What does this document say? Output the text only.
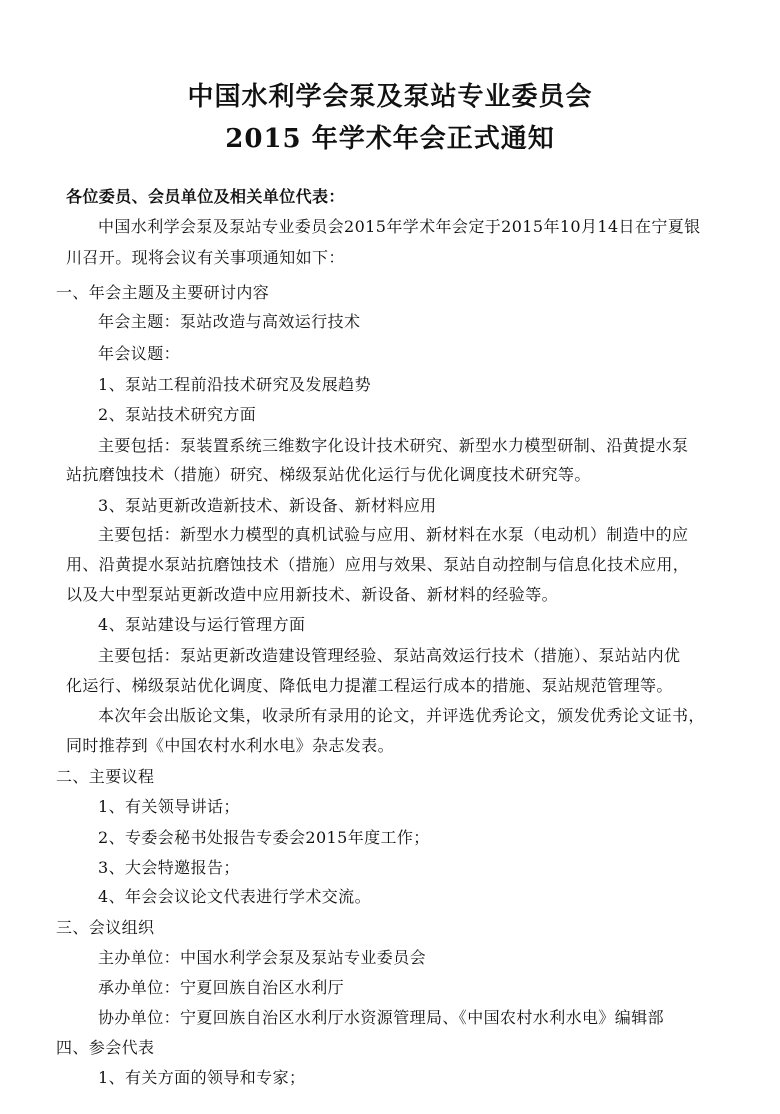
中国水利学会泵及泵站专业委员会
2015 年学术年会正式通知
各位委员、会员单位及相关单位代表：
中国水利学会泵及泵站专业委员会2015年学术年会定于2015年10月14日在宁夏银
川召开。现将会议有关事项通知如下：
一、年会主题及主要研讨内容
年会主题：泵站改造与高效运行技术
年会议题：
1、泵站工程前沿技术研究及发展趋势
2、泵站技术研究方面
主要包括：泵装置系统三维数字化设计技术研究、新型水力模型研制、沿黄提水泵
站抗磨蚀技术（措施）研究、梯级泵站优化运行与优化调度技术研究等。
3、泵站更新改造新技术、新设备、新材料应用
主要包括：新型水力模型的真机试验与应用、新材料在水泵（电动机）制造中的应
用、沿黄提水泵站抗磨蚀技术（措施）应用与效果、泵站自动控制与信息化技术应用，
以及大中型泵站更新改造中应用新技术、新设备、新材料的经验等。
4、泵站建设与运行管理方面
主要包括：泵站更新改造建设管理经验、泵站高效运行技术（措施）、泵站站内优
化运行、梯级泵站优化调度、降低电力提灌工程运行成本的措施、泵站规范管理等。
本次年会出版论文集，收录所有录用的论文，并评选优秀论文，颁发优秀论文证书，
同时推荐到《中国农村水利水电》杂志发表。
二、主要议程
1、有关领导讲话；
2、专委会秘书处报告专委会2015年度工作；
3、大会特邀报告；
4、年会会议论文代表进行学术交流。
三、会议组织
主办单位：中国水利学会泵及泵站专业委员会
承办单位：宁夏回族自治区水利厅
协办单位：宁夏回族自治区水利厅水资源管理局、《中国农村水利水电》编辑部
四、参会代表
1、有关方面的领导和专家；
